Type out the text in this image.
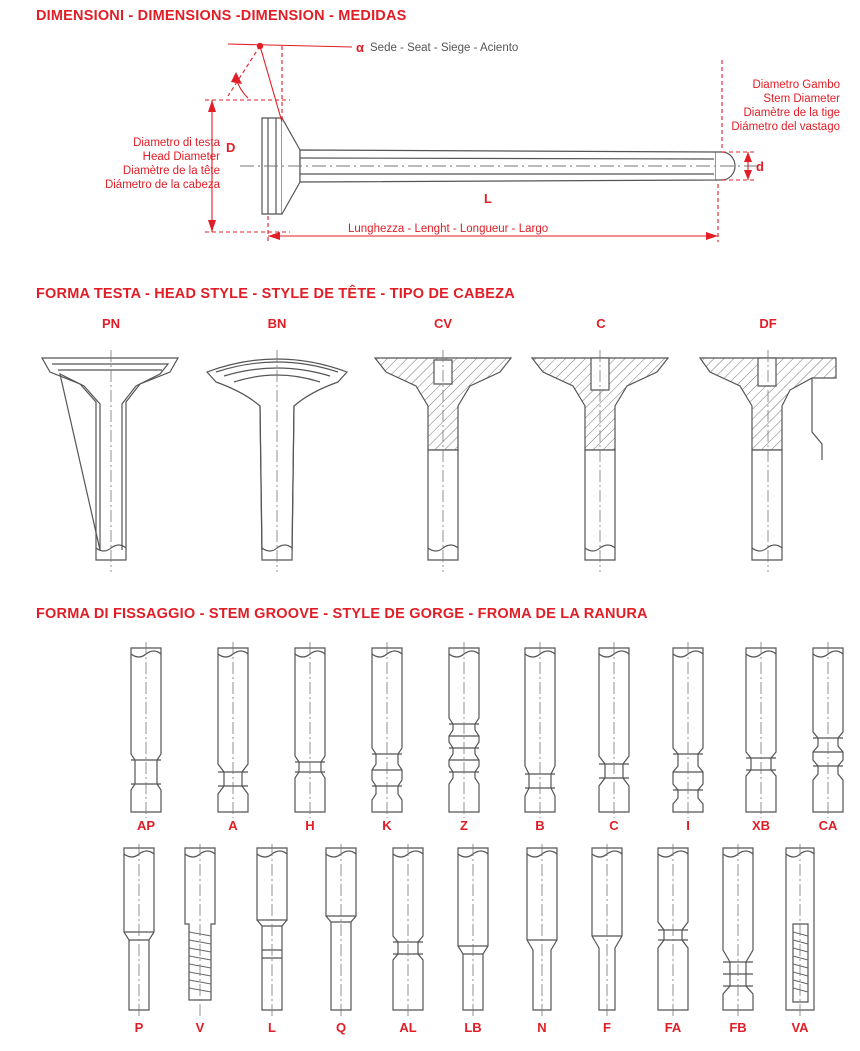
DIMENSIONI - DIMENSIONS -DIMENSION - MEDIDAS
FORMA TESTA - HEAD STYLE - STYLE DE TÊTE - TIPO DE CABEZA
FORMA DI FISSAGGIO - STEM GROOVE - STYLE DE GORGE - FROMA DE LA RANURA
α Sede - Seat - Siege - Aciento
Diametro di testa
Head Diameter
Diamètre de la tête
Diámetro de la cabeza
D
Diametro Gambo
Stem Diameter
Diamètre de la tige
Diámetro del vastago
d
L
Lunghezza - Lenght - Longueur - Largo
PN	BN	CV	C	DF
AP	A	H	K	Z	B	C	I	XB	CA
P	V	L	Q	AL	LB	N	F	FA	FB	VA
